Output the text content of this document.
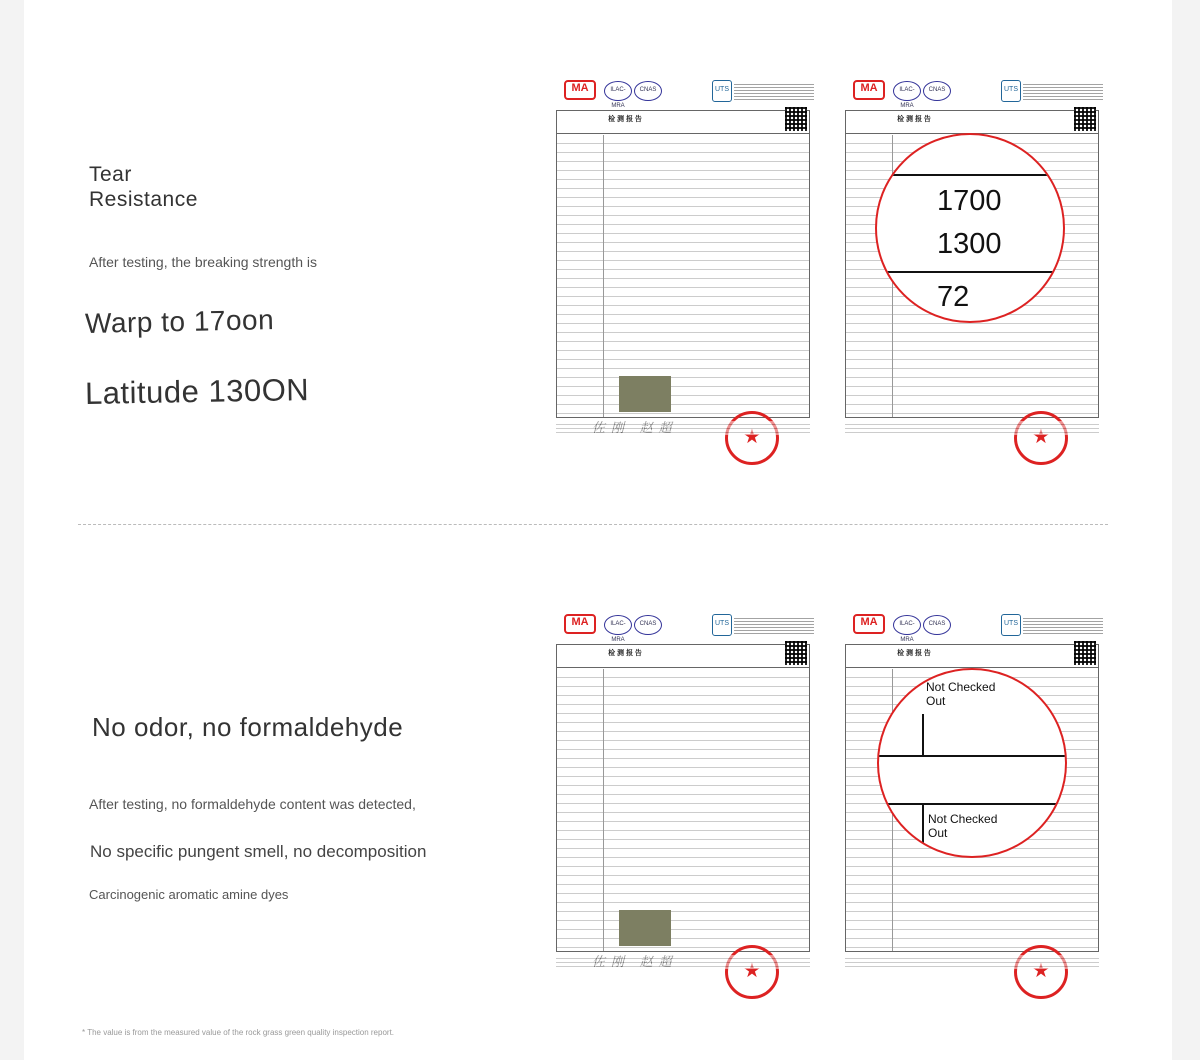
Tear
Resistance
After testing, the breaking strength is
Warp to 17oon
Latitude 130ON
MA	ILAC-MRA
CNAS	UTS
检 测 报 告
★
MA	ILAC-MRA
CNAS	UTS
检 测 报 告
★
1700
1300
72
No odor, no formaldehyde
After testing, no formaldehyde content was detected,
No specific pungent smell, no decomposition
Carcinogenic aromatic amine dyes
MA	ILAC-MRA
CNAS	UTS
检 测 报 告
★
MA	ILAC-MRA
CNAS	UTS
检 测 报 告
★
Not Checked Out
Not Checked Out
* The value is from the measured value of the rock grass green quality inspection report.
